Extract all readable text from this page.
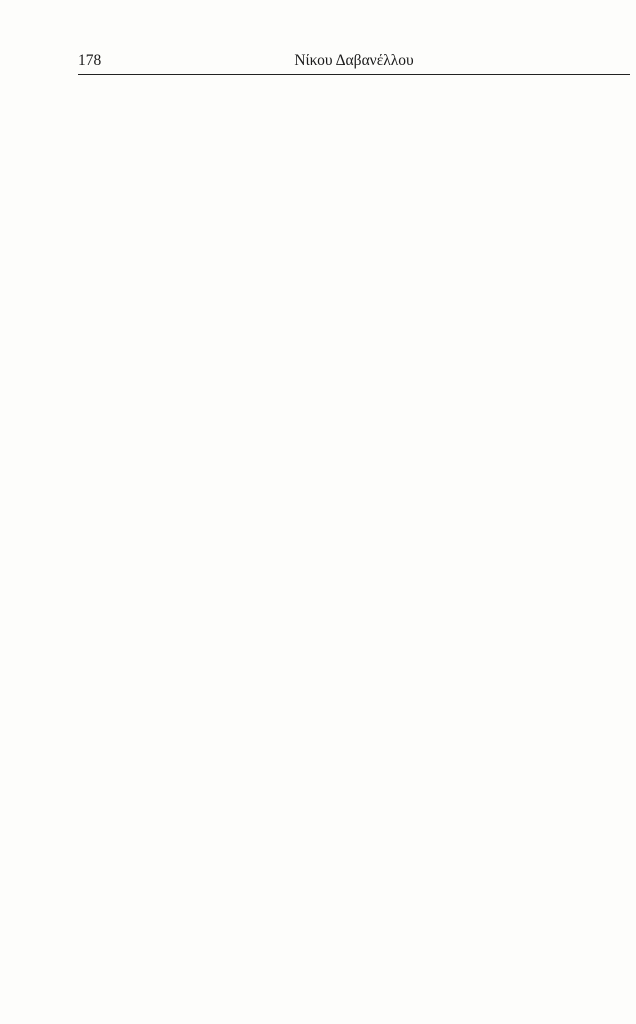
178	Νίκου Δαβανέλλου
